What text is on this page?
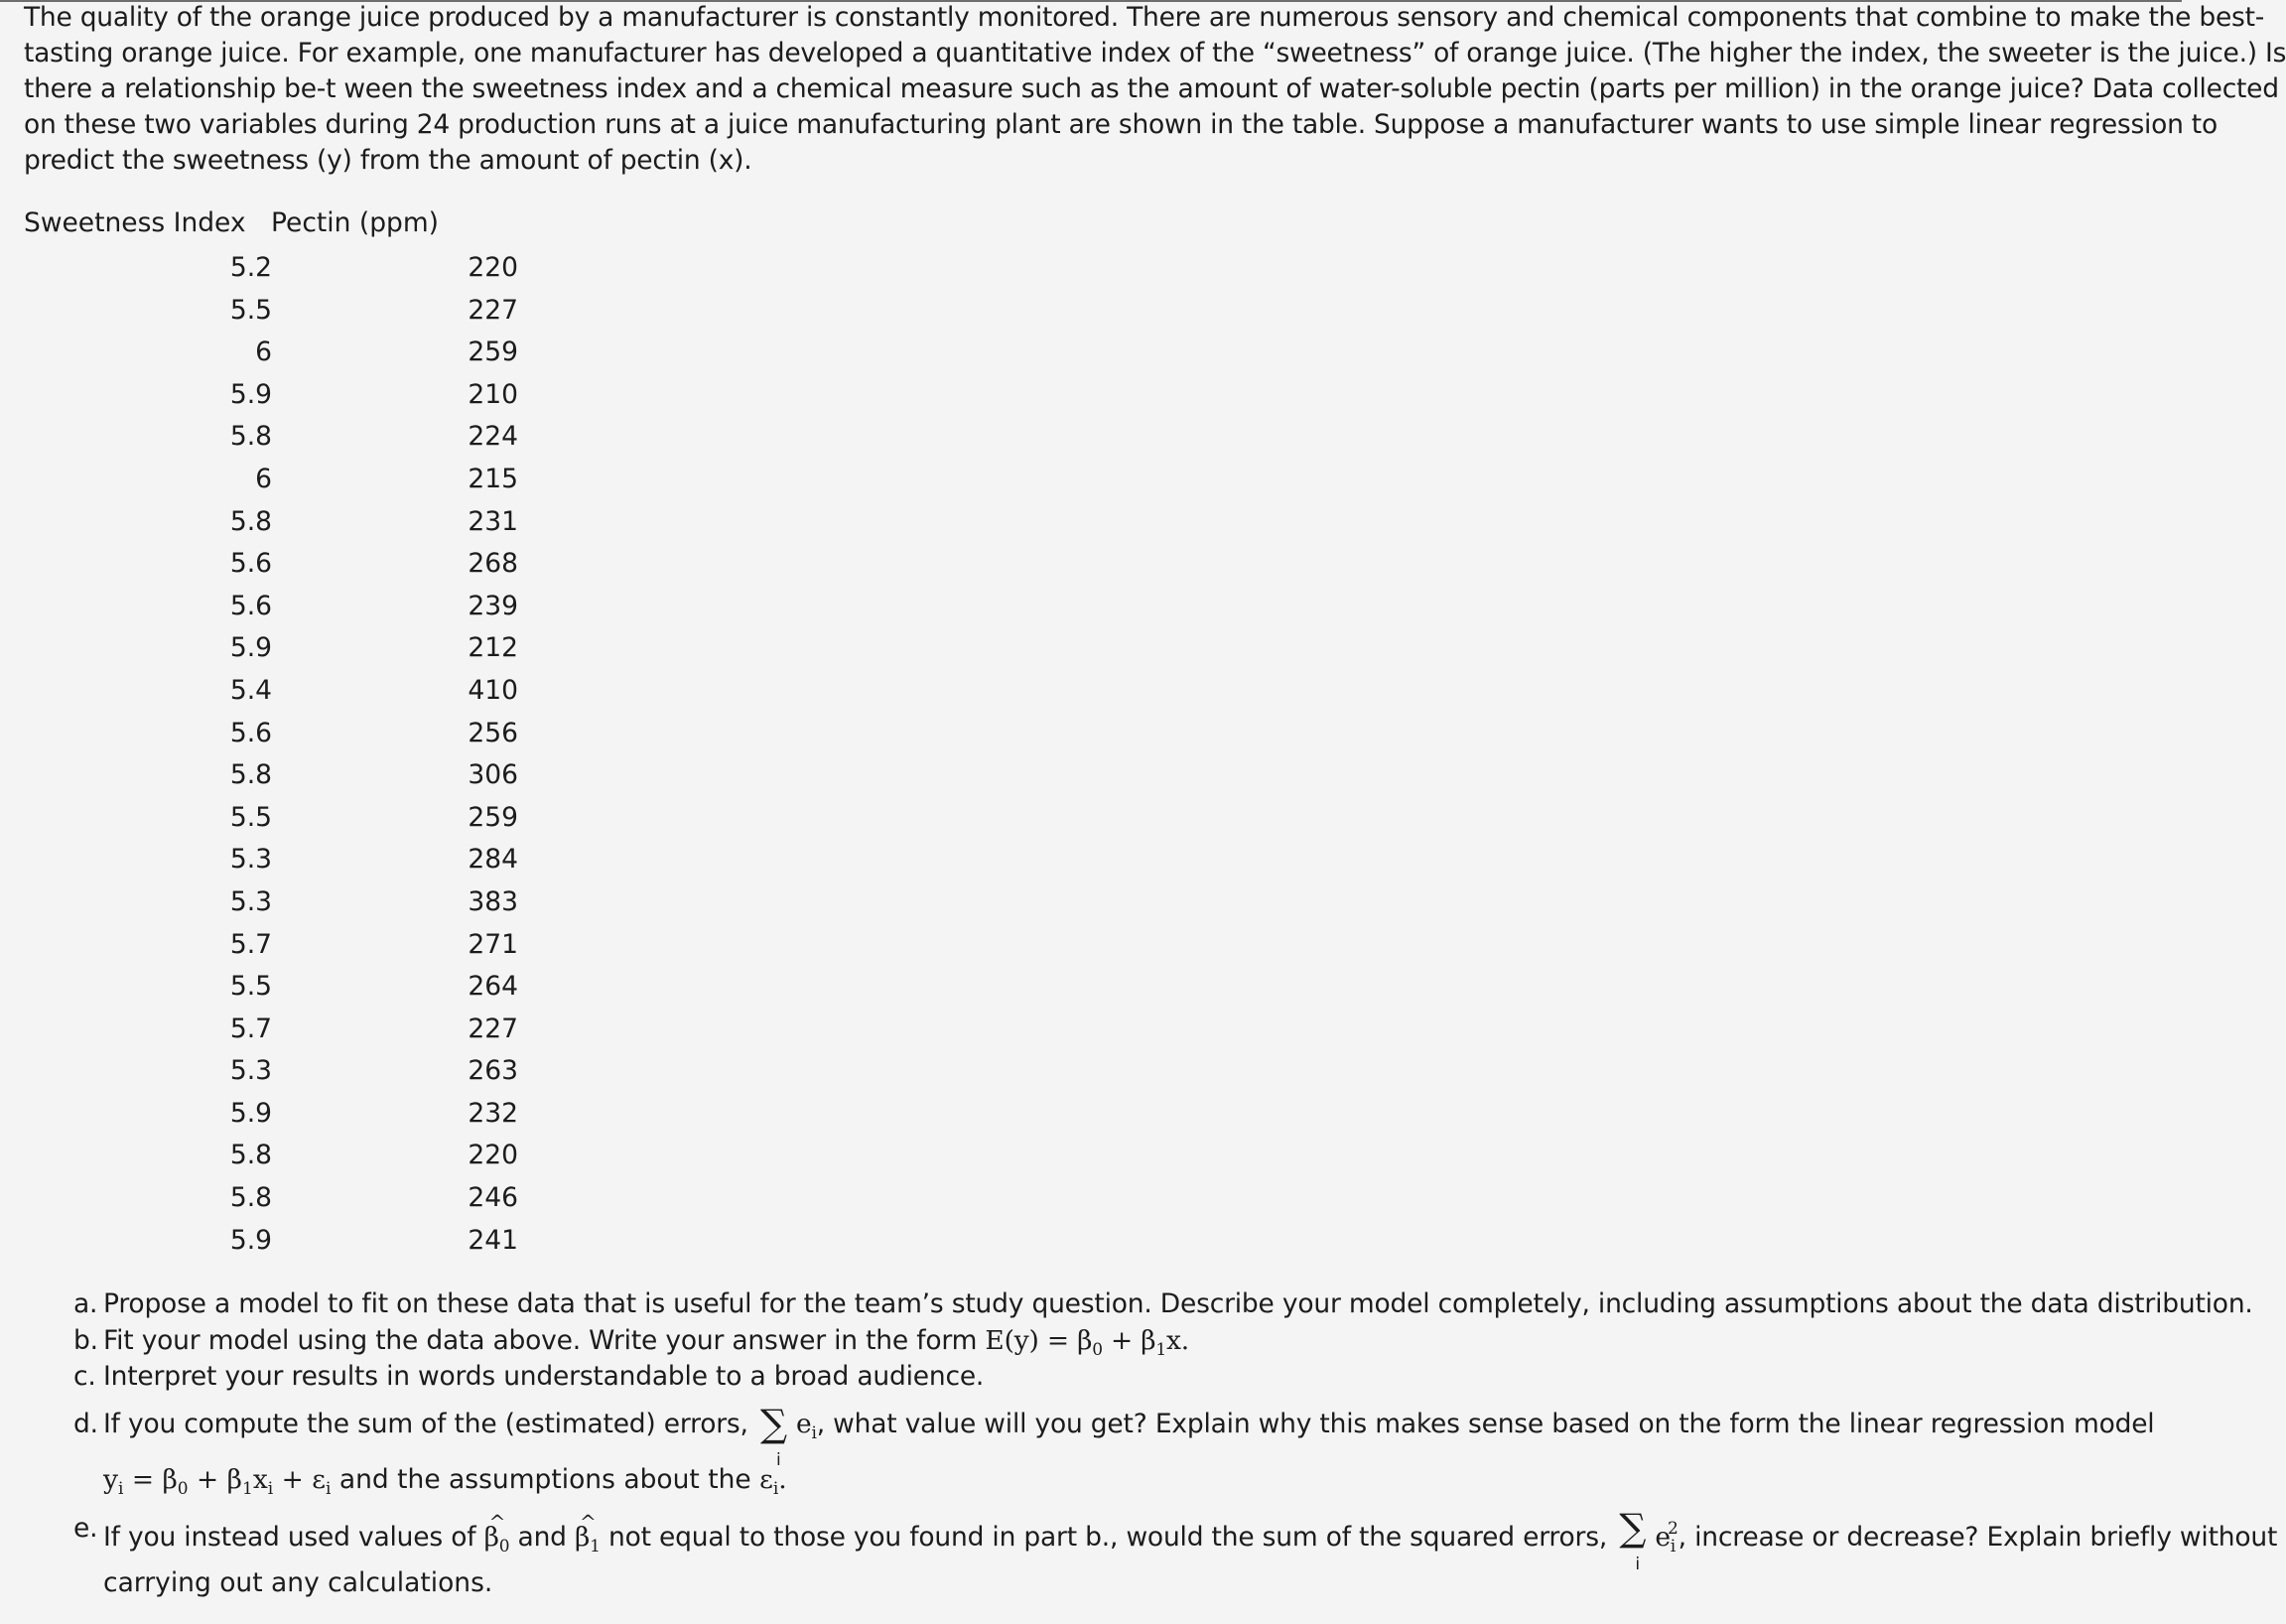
The quality of the orange juice produced by a manufacturer is constantly monitored. There are numerous sensory and chemical components that combine to make the best-
tasting orange juice. For example, one manufacturer has developed a quantitative index of the “sweetness” of orange juice. (The higher the index, the sweeter is the juice.) Is
there a relationship be-t ween the sweetness index and a chemical measure such as the amount of water-soluble pectin (parts per million) in the orange juice? Data collected
on these two variables during 24 production runs at a juice manufacturing plant are shown in the table. Suppose a manufacturer wants to use simple linear regression to
predict the sweetness (y) from the amount of pectin (x).
Sweetness Index Pectin (ppm)
5.2	220
5.5	227
6	259
5.9	210
5.8	224
6	215
5.8	231
5.6	268
5.6	239
5.9	212
5.4	410
5.6	256
5.8	306
5.5	259
5.3	284
5.3	383
5.7	271
5.5	264
5.7	227
5.3	263
5.9	232
5.8	220
5.8	246
5.9	241
a. Propose a model to fit on these data that is useful for the team’s study question. Describe your model completely, including assumptions about the data distribution.
b. Fit your model using the data above. Write your answer in the form $E(y) = \beta_0 + \beta_1x$.
c. Interpret your results in words understandable to a broad audience.
d. If you compute the sum of the (estimated) errors, ∑
i
$e_i$, what value will you get? Explain why this makes sense based on the form the linear regression model
$y_i = \beta_0 + \beta_1x_i + \varepsilon_i$ and the assumptions about the $\varepsilon_i$.
e. If you instead used values of ^ $\beta_0$ and ^ $\beta_1$ not equal to those you found in part b., would the sum of the squared errors, ∑
i
$e_i^2$, increase or decrease? Explain briefly without
carrying out any calculations.
